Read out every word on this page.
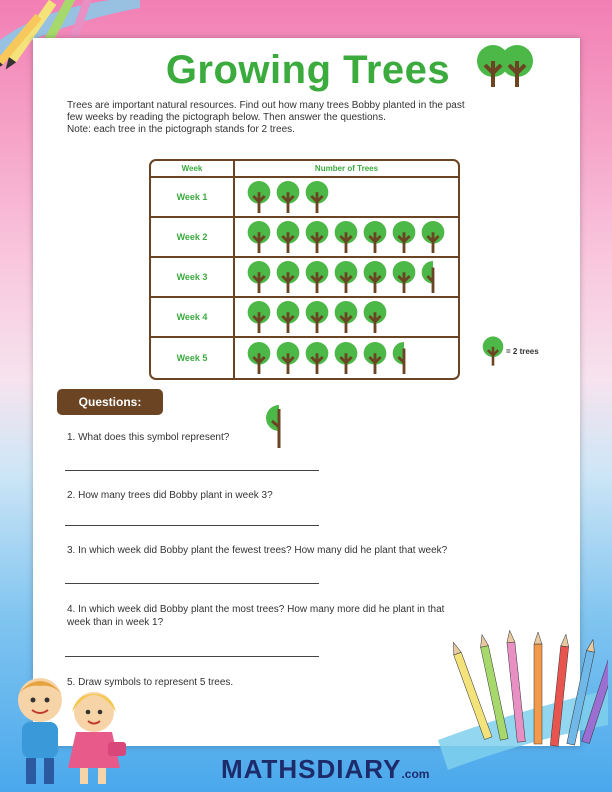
Growing Trees

Trees are important natural resources. Find out how many trees Bobby planted in the past

few weeks by reading the pictograph below. Then answer the questions.

Note: each tree in the pictograph stands for 2 trees.

Week	Number of Trees
Week 1	

Week 2	

Week 3	

Week 4	

Week 5	
= 2 trees
Questions:
1. What does this symbol represent?
2. How many trees did Bobby plant in week 3?
3. In which week did Bobby plant the fewest trees? How many did he plant that week?
4. In which week did Bobby plant the most trees? How many more did he plant in that
week than in week 1?
5. Draw symbols to represent 5 trees.
MATHSDIARY.com
